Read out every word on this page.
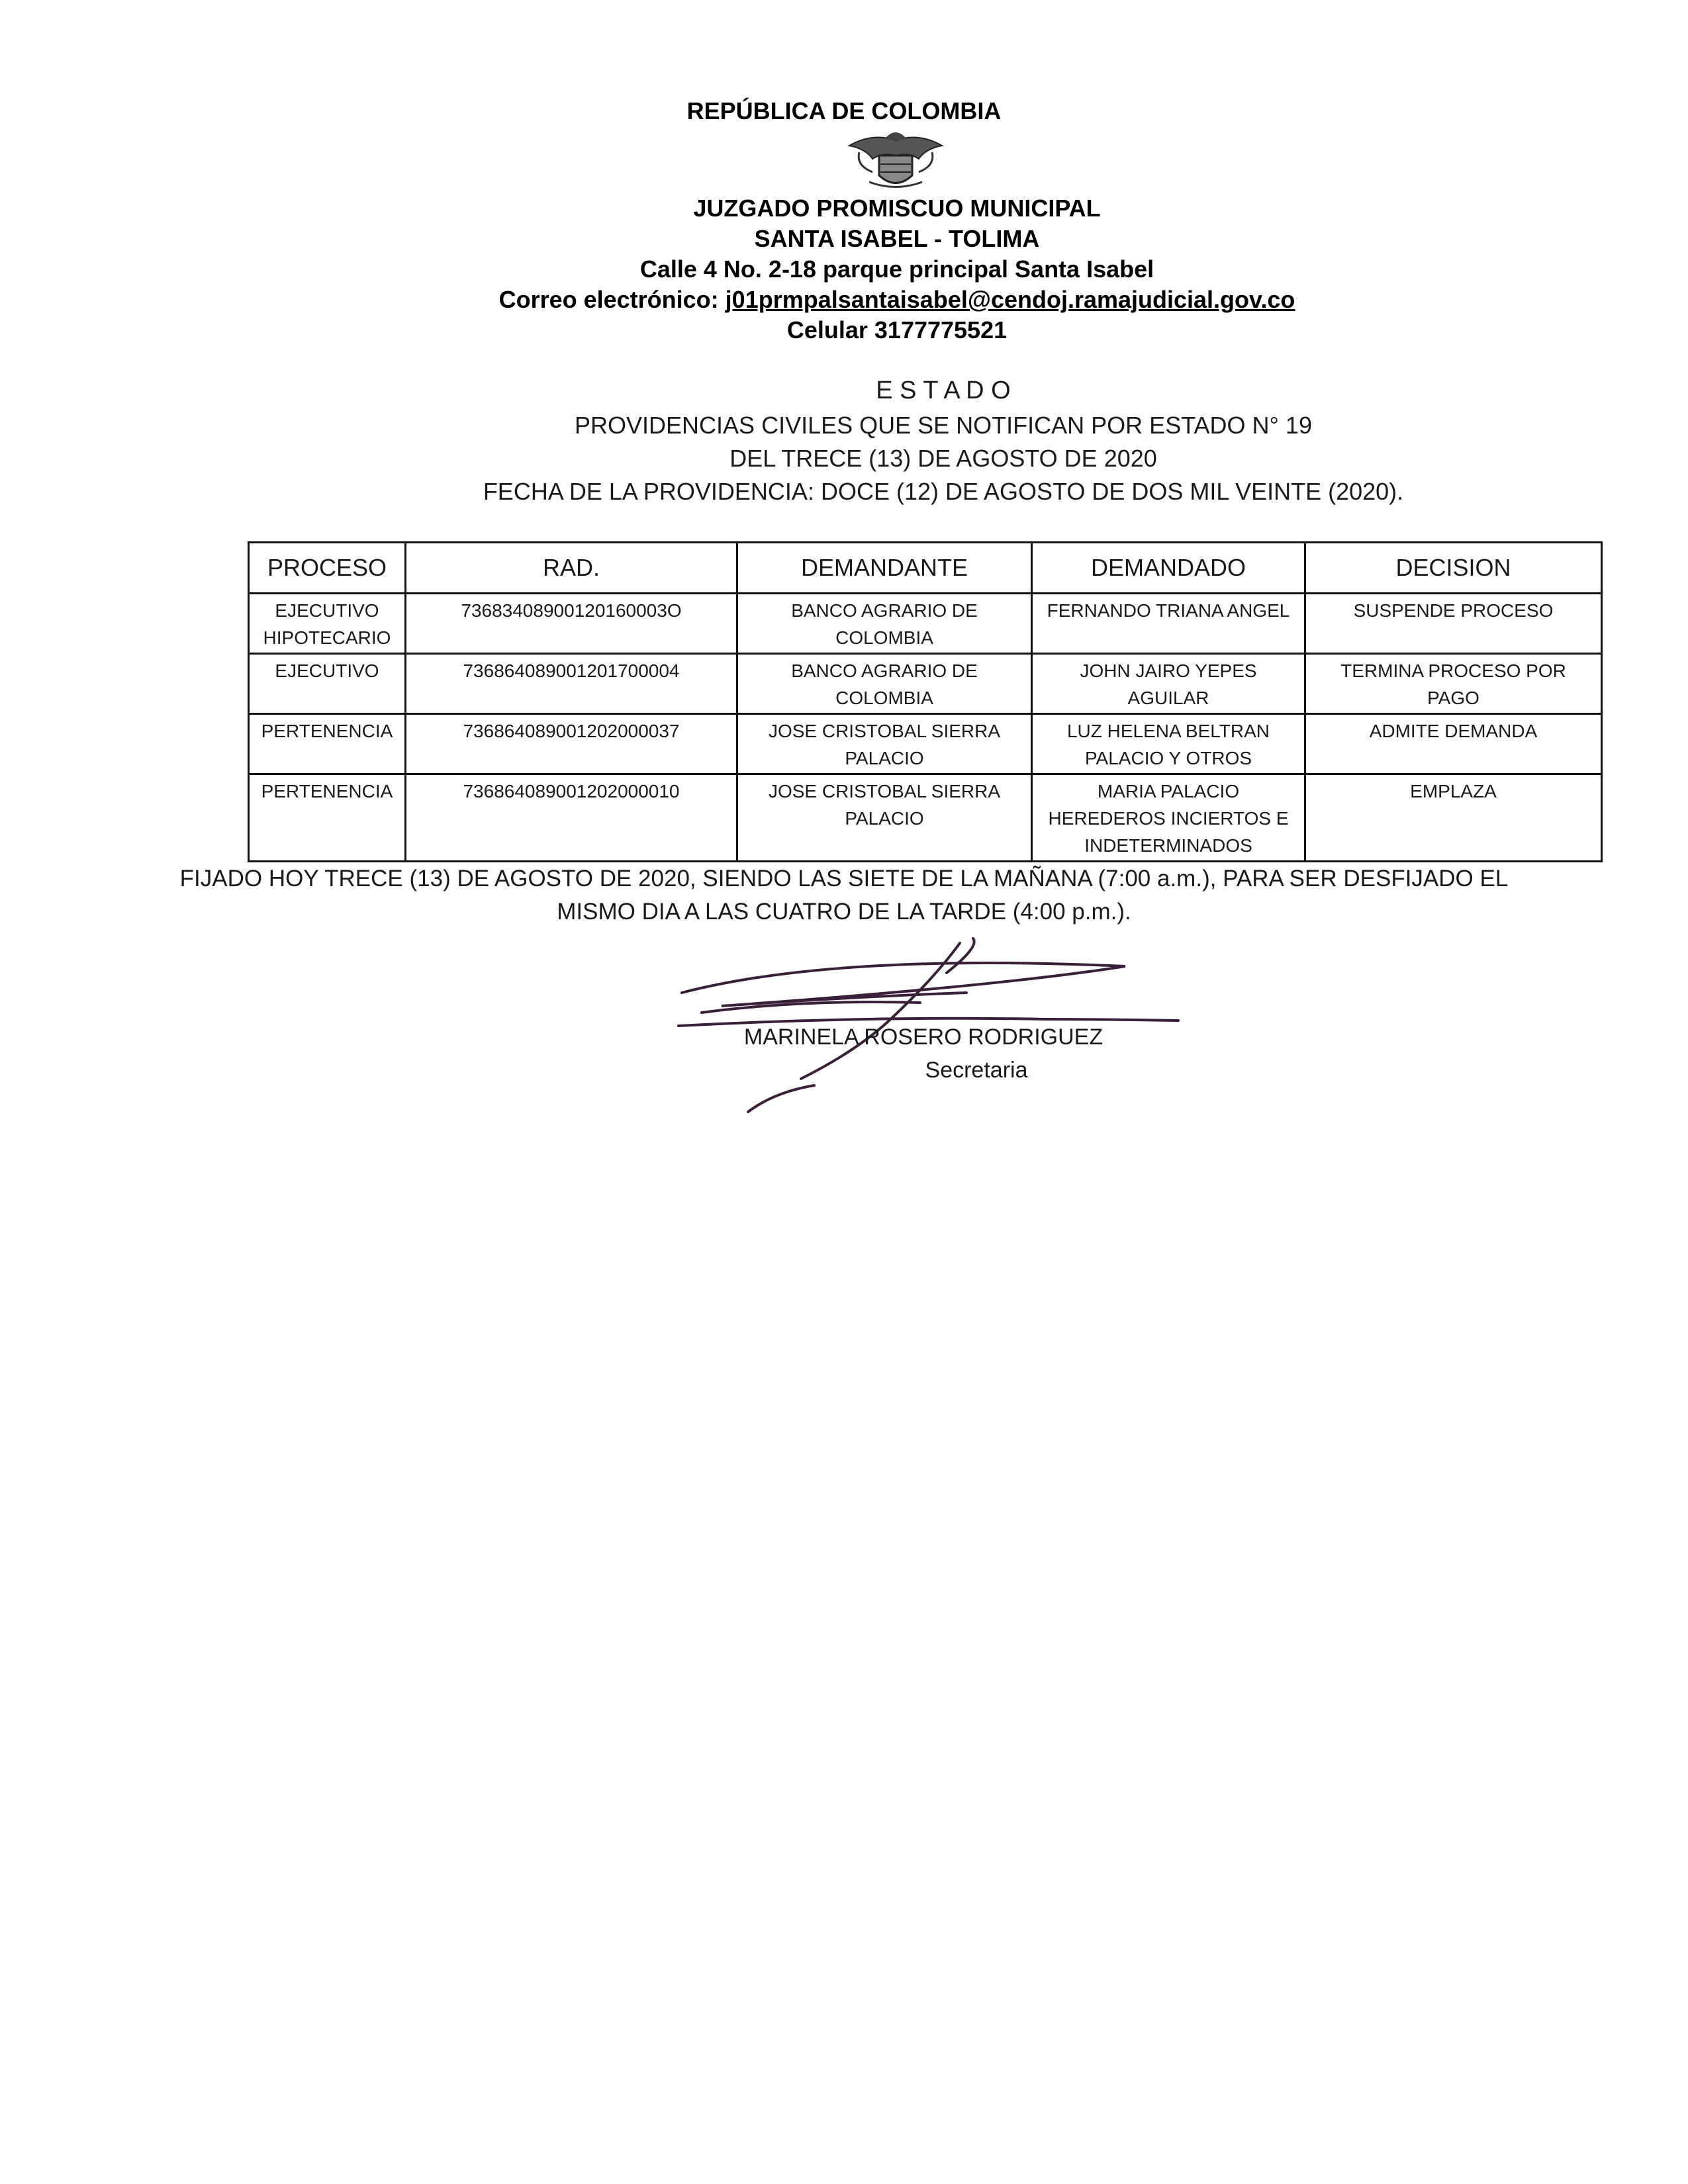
REPÚBLICA DE COLOMBIA
JUZGADO PROMISCUO MUNICIPAL
SANTA ISABEL - TOLIMA
Calle 4 No. 2-18 parque principal Santa Isabel
Correo electrónico: j01prmpalsantaisabel@cendoj.ramajudicial.gov.co
Celular 3177775521
E S T A D O
PROVIDENCIAS CIVILES QUE SE NOTIFICAN POR ESTADO N° 19
DEL TRECE (13) DE AGOSTO DE 2020
FECHA DE LA PROVIDENCIA: DOCE (12) DE AGOSTO DE DOS MIL VEINTE (2020).
PROCESO	RAD.	DEMANDANTE	DEMANDADO	DECISION
EJECUTIVO HIPOTECARIO	73683408900120160003O	BANCO AGRARIO DE COLOMBIA	FERNANDO TRIANA ANGEL	SUSPENDE PROCESO
EJECUTIVO	736864089001201700004	BANCO AGRARIO DE COLOMBIA	JOHN JAIRO YEPES AGUILAR	TERMINA PROCESO POR PAGO
PERTENENCIA	736864089001202000037	JOSE CRISTOBAL SIERRA PALACIO	LUZ HELENA BELTRAN PALACIO Y OTROS	ADMITE DEMANDA
PERTENENCIA	736864089001202000010	JOSE CRISTOBAL SIERRA PALACIO	MARIA PALACIO HEREDEROS INCIERTOS E INDETERMINADOS	EMPLAZA
FIJADO HOY TRECE (13) DE AGOSTO DE 2020, SIENDO LAS SIETE DE LA MAÑANA (7:00 a.m.), PARA SER DESFIJADO EL
MISMO DIA A LAS CUATRO DE LA TARDE (4:00 p.m.).
MARINELA ROSERO RODRIGUEZ
Secretaria
